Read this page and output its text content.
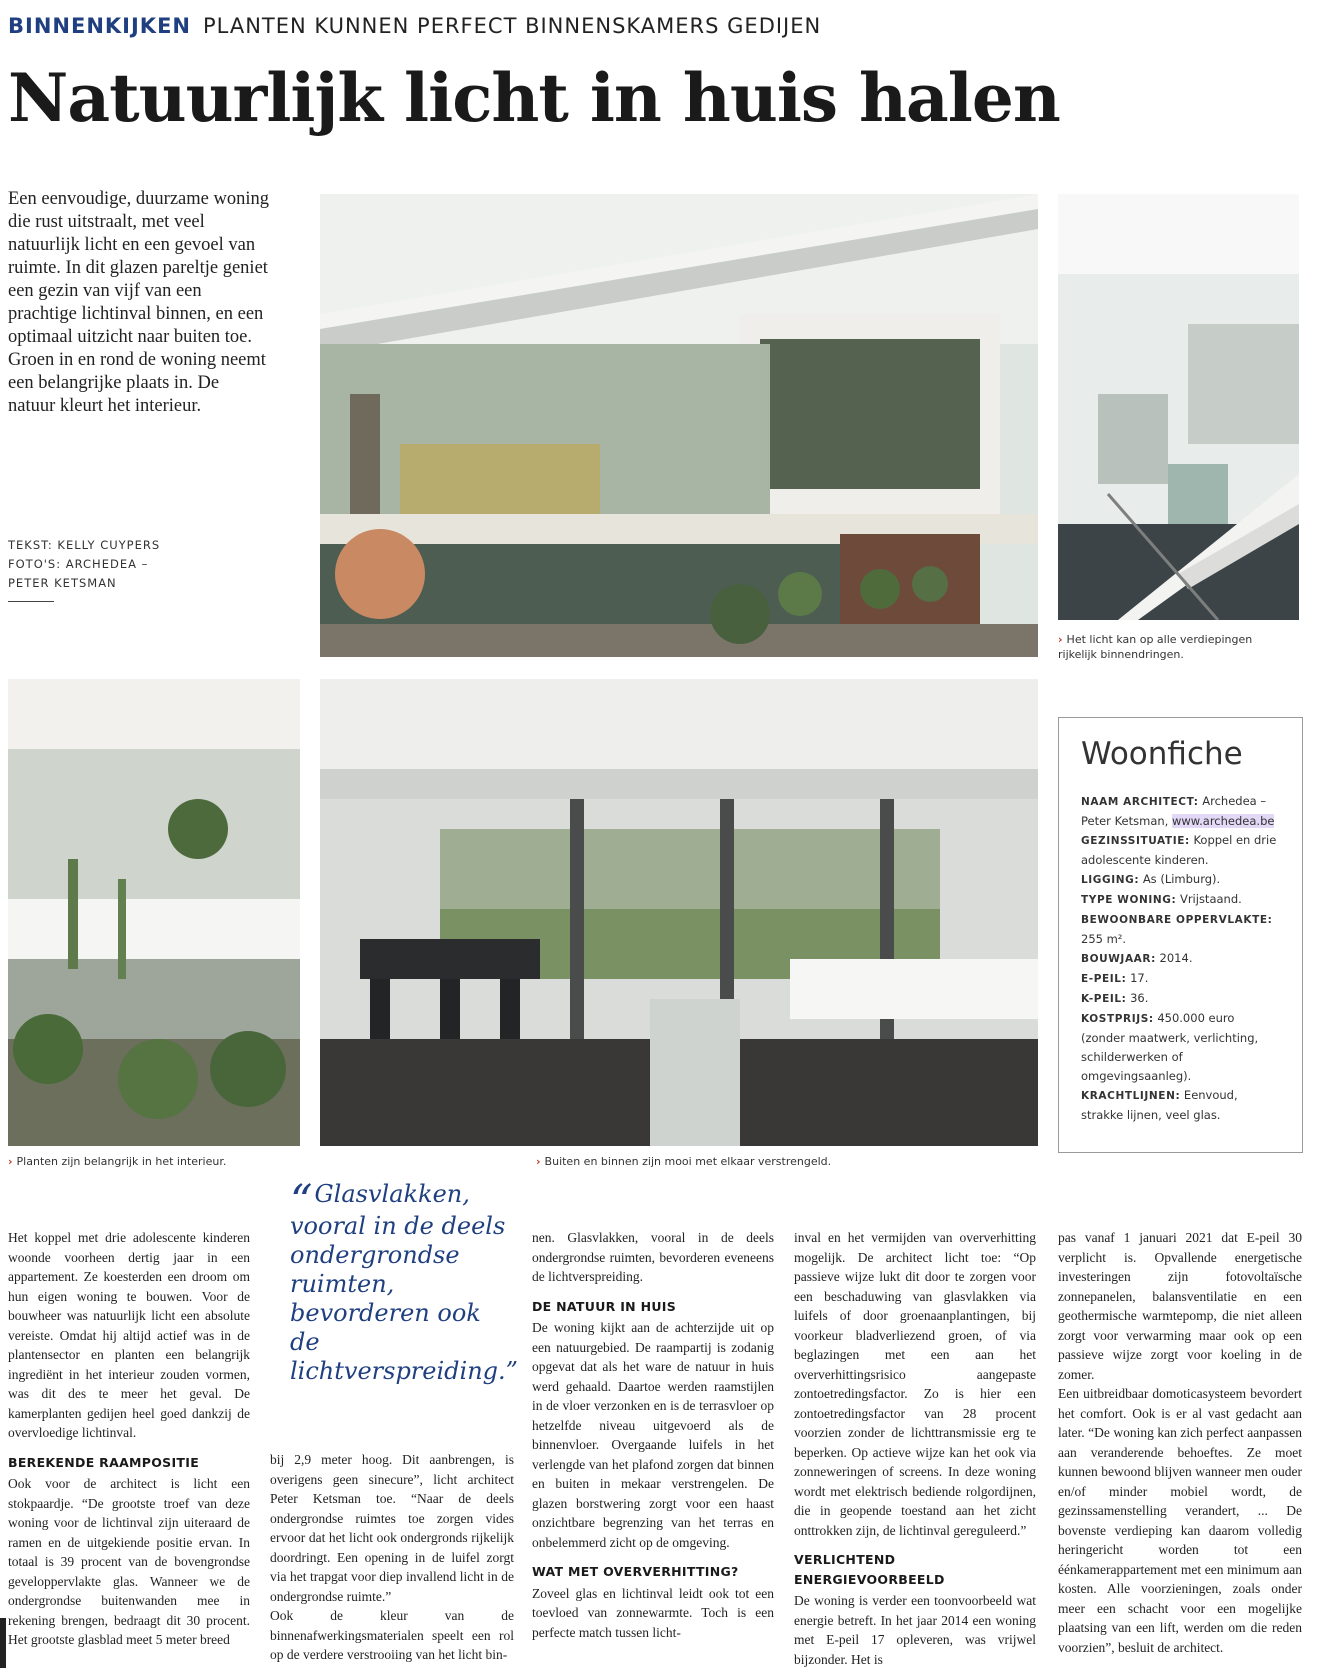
BINNENKIJKEN PLANTEN KUNNEN PERFECT BINNENSKAMERS GEDIJEN
Natuurlijk licht in huis halen

Een eenvoudige, duurzame woning die rust uitstraalt, met veel natuurlijk licht en een gevoel van ruimte. In dit glazen pareltje geniet een gezin van vijf van een prachtige lichtinval binnen, en een optimaal uitzicht naar buiten toe. Groen in en rond de woning neemt een belangrijke plaats in. De natuur kleurt het interieur.

TEKST: KELLY CUYPERS
FOTO'S: ARCHEDEA –
PETER KETSMAN
› Het licht kan op alle verdiepingen rijkelijk binnendringen.
› Planten zijn belangrijk in het interieur.	› Buiten en binnen zijn mooi met elkaar verstrengeld.
Woonfiche
NAAM ARCHITECT: Archedea – Peter Ketsman, www.archedea.be
GEZINSSITUATIE: Koppel en drie adolescente kinderen.
LIGGING: As (Limburg).
TYPE WONING: Vrijstaand.
BEWOONBARE OPPERVLAKTE: 255 m².
BOUWJAAR: 2014.
E-PEIL: 17.
K-PEIL: 36.
KOSTPRIJS: 450.000 euro (zonder maatwerk, verlichting, schilderwerken of omgevingsaanleg).
KRACHTLIJNEN: Eenvoud, strakke lijnen, veel glas.
“Glasvlakken, vooral in de deels ondergrondse ruimten, bevorderen ook de lichtverspreiding.”

Het koppel met drie adolescente kinderen woonde voorheen dertig jaar in een appartement. Ze koesterden een droom om hun eigen woning te bouwen. Voor de bouwheer was natuurlijk licht een absolute vereiste. Omdat hij altijd actief was in de plantensector en planten een belangrijk ingrediënt in het interieur zouden vormen, was dit des te meer het geval. De kamerplanten gedijen heel goed dankzij de overvloedige lichtinval.

BEREKENDE RAAMPOSITIE

Ook voor de architect is licht een stokpaardje. “De grootste troef van deze woning voor de lichtinval zijn uiteraard de ramen en de uitgekiende positie ervan. In totaal is 39 procent van de bovengrondse geveloppervlakte glas. Wanneer we de ondergrondse buitenwanden mee in rekening brengen, bedraagt dit 30 procent. Het grootste glasblad meet 5 meter breed

bij 2,9 meter hoog. Dit aanbrengen, is overigens geen sinecure”, licht architect Peter Ketsman toe. “Naar de deels ondergrondse ruimtes toe zorgen vides ervoor dat het licht ook ondergronds rijkelijk doordringt. Een opening in de luifel zorgt via het trapgat voor diep invallend licht in de ondergrondse ruimte.”

Ook de kleur van de binnenafwerkingsmaterialen speelt een rol op de verdere verstrooiing van het licht bin-

nen. Glasvlakken, vooral in de deels ondergrondse ruimten, bevorderen eveneens de lichtverspreiding.

DE NATUUR IN HUIS

De woning kijkt aan de achterzijde uit op een natuurgebied. De raampartij is zodanig opgevat dat als het ware de natuur in huis werd gehaald. Daartoe werden raamstijlen in de vloer verzonken en is de terrasvloer op hetzelfde niveau uitgevoerd als de binnenvloer. Overgaande luifels in het verlengde van het plafond zorgen dat binnen en buiten in mekaar verstrengelen. De glazen borstwering zorgt voor een haast onzichtbare begrenzing van het terras en onbelemmerd zicht op de omgeving.

WAT MET OVERVERHITTING?

Zoveel glas en lichtinval leidt ook tot een toevloed van zonnewarmte. Toch is een perfecte match tussen licht-

inval en het vermijden van oververhitting mogelijk. De architect licht toe: “Op passieve wijze lukt dit door te zorgen voor een beschaduwing van glasvlakken via luifels of door groenaanplantingen, bij voorkeur bladverliezend groen, of via beglazingen met een aan het oververhittingsrisico aangepaste zontoetredingsfactor. Zo is hier een zontoetredingsfactor van 28 procent voorzien zonder de lichttransmissie erg te beperken. Op actieve wijze kan het ook via zonneweringen of screens. In deze woning wordt met elektrisch bediende rolgordijnen, die in geopende toestand aan het zicht onttrokken zijn, de lichtinval gereguleerd.”

VERLICHTEND ENERGIEVOORBEELD

De woning is verder een toonvoorbeeld wat energie betreft. In het jaar 2014 een woning met E-peil 17 opleveren, was vrijwel bijzonder. Het is

pas vanaf 1 januari 2021 dat E-peil 30 verplicht is. Opvallende energetische investeringen zijn fotovoltaïsche zonnepanelen, balansventilatie en een geothermische warmtepomp, die niet alleen zorgt voor verwarming maar ook op een passieve wijze zorgt voor koeling in de zomer.

Een uitbreidbaar domoticasysteem bevordert het comfort. Ook is er al vast gedacht aan later. “De woning kan zich perfect aanpassen aan veranderende behoeftes. Ze moet kunnen bewoond blijven wanneer men ouder en/of minder mobiel wordt, de gezinssamenstelling verandert, ... De bovenste verdieping kan daarom volledig heringericht worden tot een éénkamerappartement met een minimum aan kosten. Alle voorzieningen, zoals onder meer een schacht voor een mogelijke plaatsing van een lift, werden om die reden voorzien”, besluit de architect.
